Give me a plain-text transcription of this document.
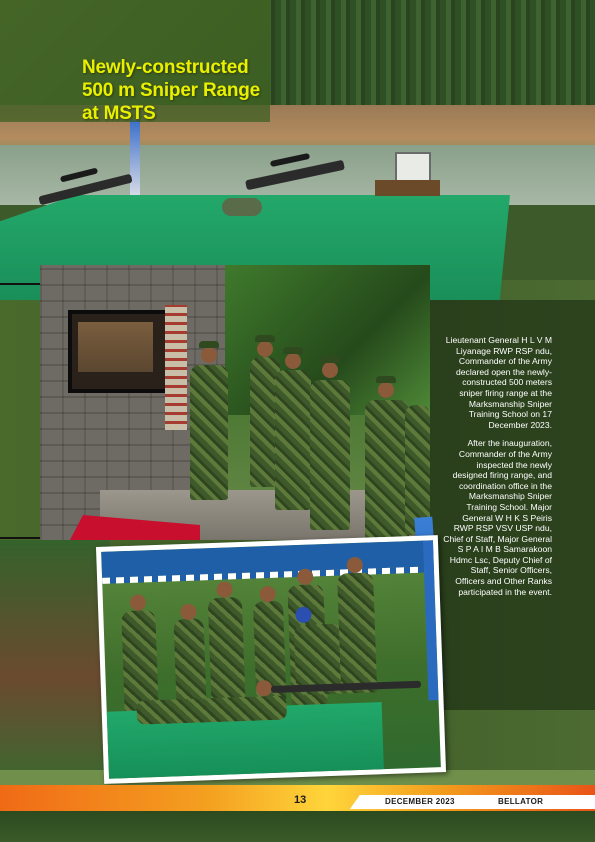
Newly-constructed
500 m Sniper Range
at MSTS

Lieutenant General H L V M Liyanage RWP RSP ndu, Commander of the Army declared open the newly-constructed 500 meters sniper firing range at the Marksmanship Sniper Training School on 17 December 2023.

After the inauguration, Commander of the Army inspected the newly designed firing range, and coordination office in the Marksmanship Sniper Training School. Major General W H K S Peiris RWP RSP VSV USP ndu, Chief of Staff, Major General S P A I M B Samarakoon Hdmc Lsc, Deputy Chief of Staff, Senior Officers, Officers and Other Ranks participated in the event.

13	DECEMBER 2023	BELLATOR
